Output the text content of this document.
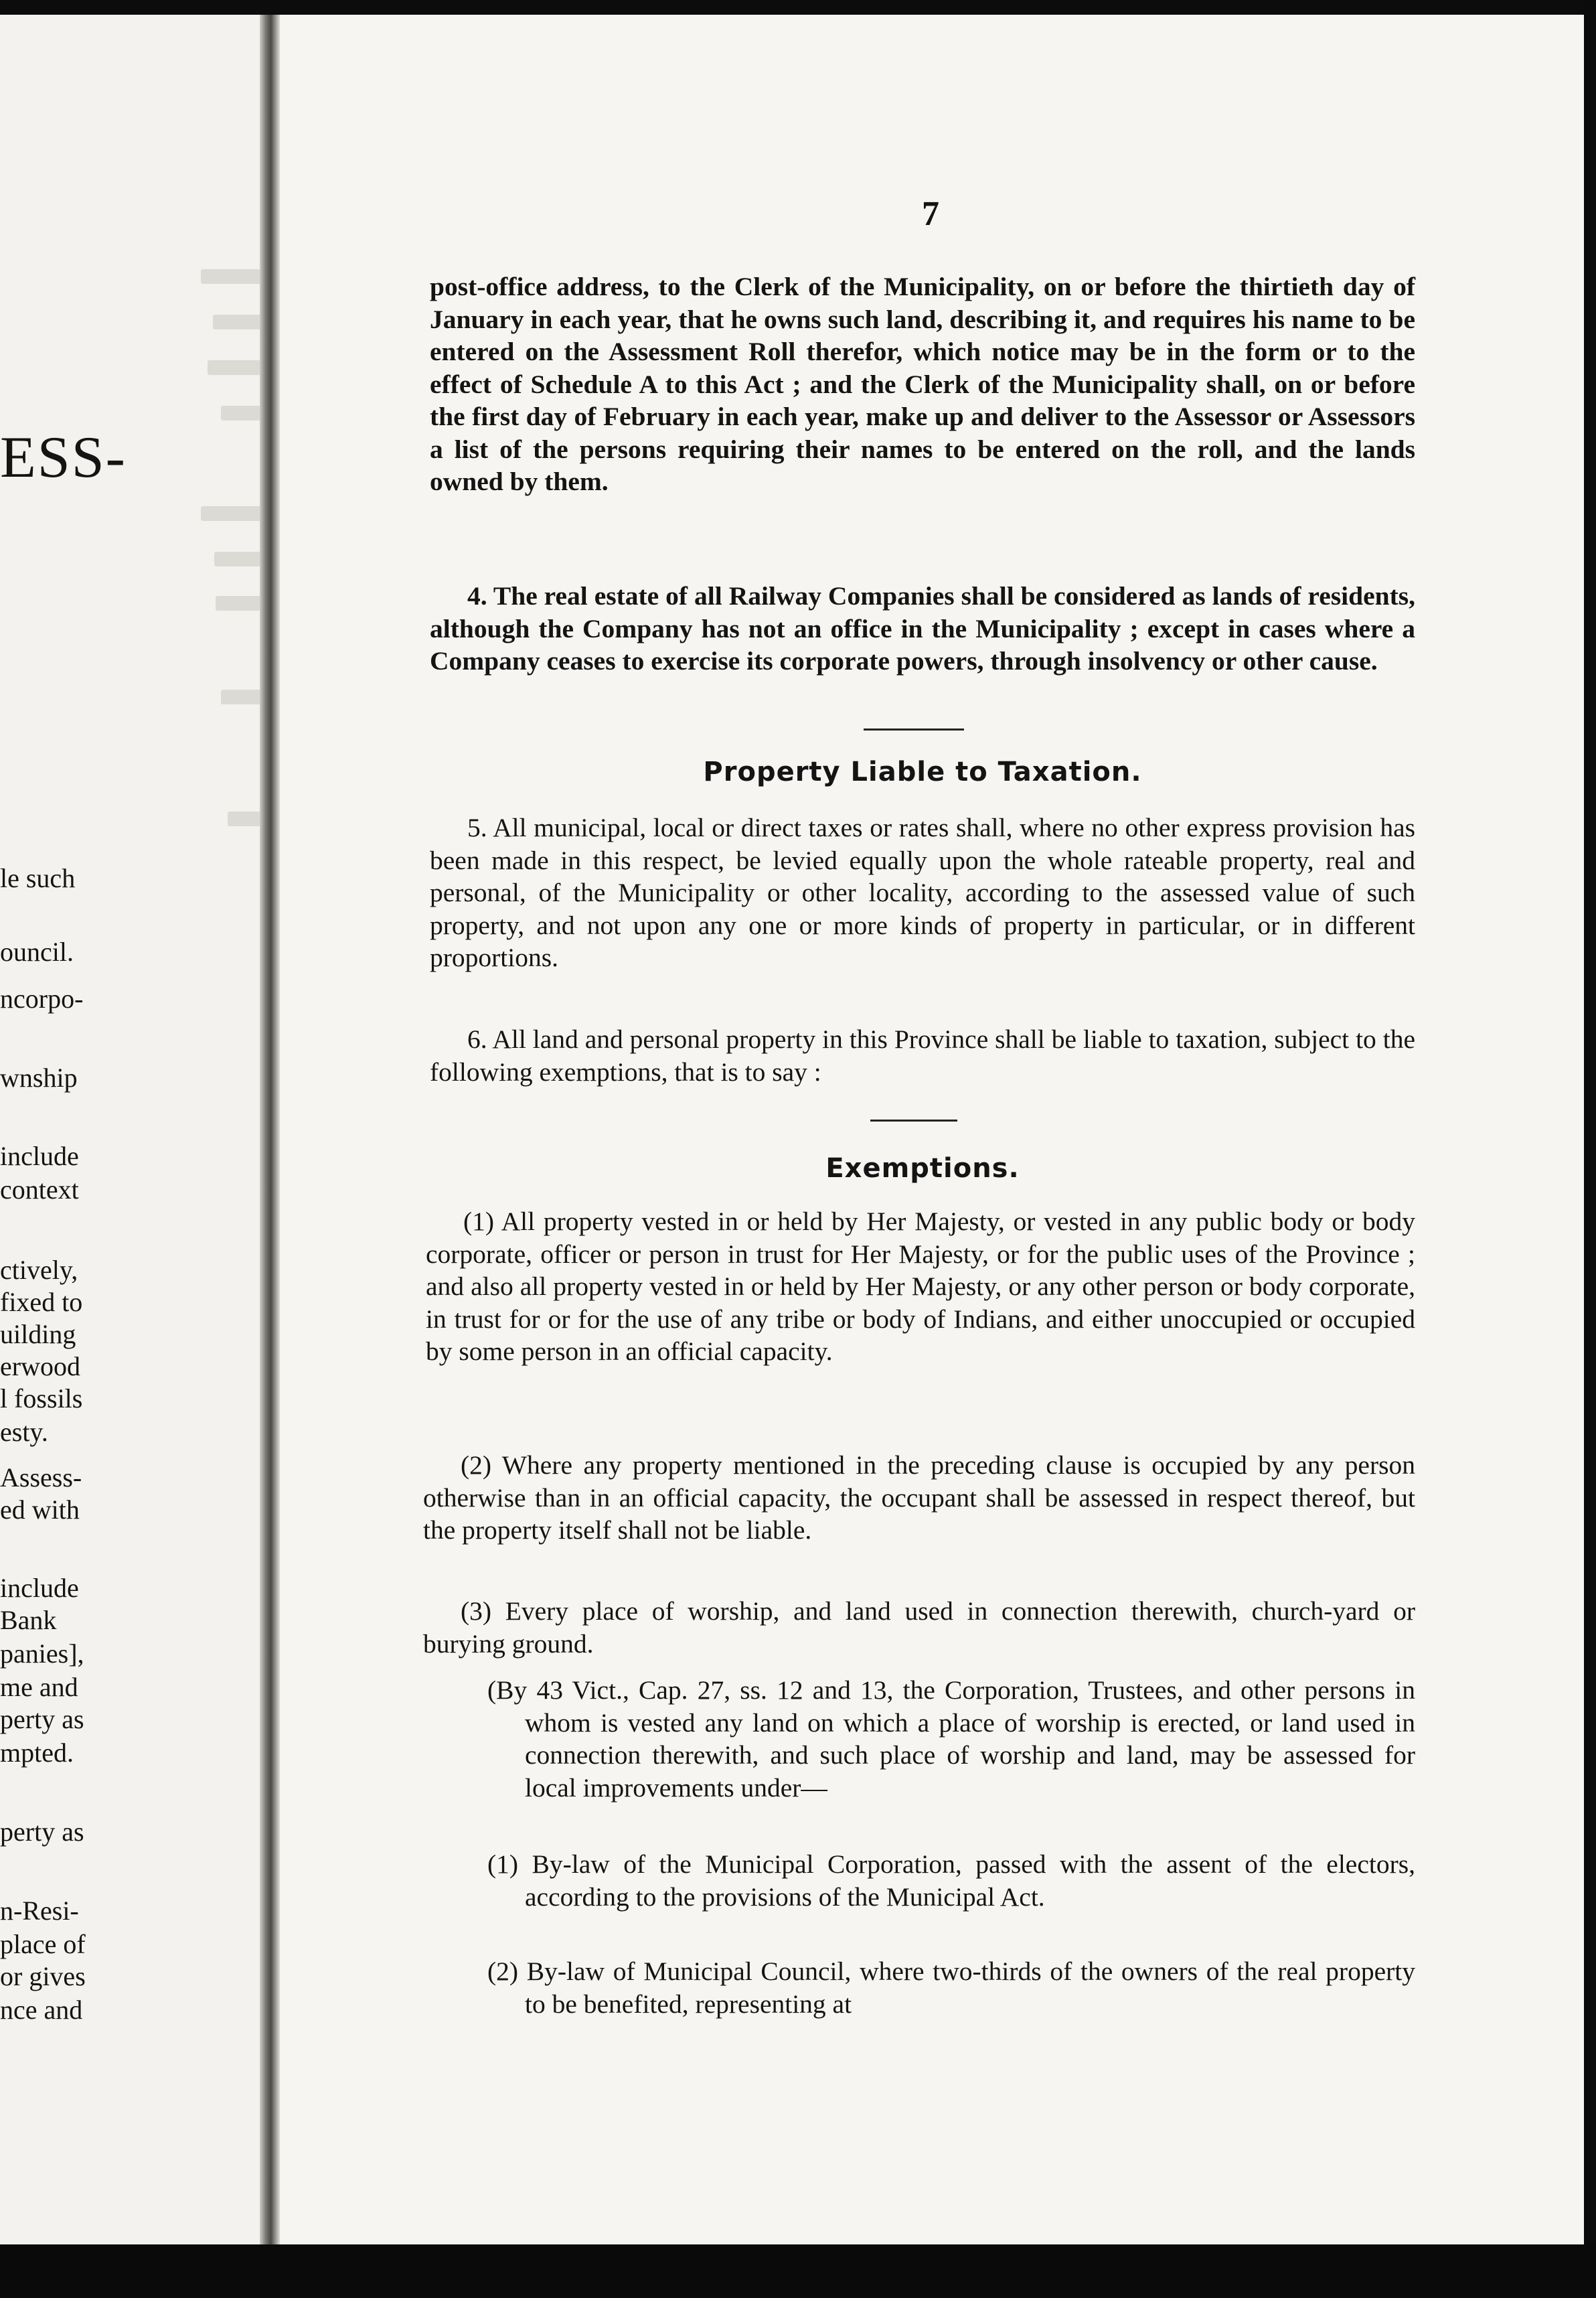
ESS-
le such
ouncil.
ncorpo-
wnship
include
context
ctively,
fixed to
uilding
erwood
l fossils
esty.
Assess-
ed with
include
Bank
panies],
me and
perty as
mpted.
perty as
n-Resi-
place of
or gives
nce and
7

post-office address, to the Clerk of the Municipality, on or before the thirtieth day of January in each year, that he owns such land, describing it, and requires his name to be entered on the Assessment Roll therefor, which notice may be in the form or to the effect of Schedule A to this Act ; and the Clerk of the Municipality shall, on or before the first day of February in each year, make up and deliver to the Assessor or Assessors a list of the persons requiring their names to be entered on the roll, and the lands owned by them.

4. The real estate of all Railway Companies shall be considered as lands of residents, although the Company has not an office in the Municipality ; except in cases where a Company ceases to exercise its corporate powers, through insolvency or other cause.

Property Liable to Taxation.

5. All municipal, local or direct taxes or rates shall, where no other express provision has been made in this respect, be levied equally upon the whole rateable property, real and personal, of the Municipality or other locality, according to the assessed value of such property, and not upon any one or more kinds of property in particular, or in different proportions.

6. All land and personal property in this Province shall be liable to taxation, subject to the following exemptions, that is to say :

Exemptions.

(1) All property vested in or held by Her Majesty, or vested in any public body or body corporate, officer or person in trust for Her Majesty, or for the public uses of the Province ; and also all property vested in or held by Her Majesty, or any other person or body corporate, in trust for or for the use of any tribe or body of Indians, and either unoccupied or occupied by some person in an official capacity.

(2) Where any property mentioned in the preceding clause is occupied by any person otherwise than in an official capacity, the occupant shall be assessed in respect thereof, but the property itself shall not be liable.

(3) Every place of worship, and land used in connection therewith, church-yard or burying ground.

(By 43 Vict., Cap. 27, ss. 12 and 13, the Corporation, Trustees, and other persons in whom is vested any land on which a place of worship is erected, or land used in connection therewith, and such place of worship and land, may be assessed for local improvements under—

(1) By-law of the Municipal Corporation, passed with the assent of the electors, according to the provisions of the Municipal Act.

(2) By-law of Municipal Council, where two-thirds of the owners of the real property to be benefited, representing at
